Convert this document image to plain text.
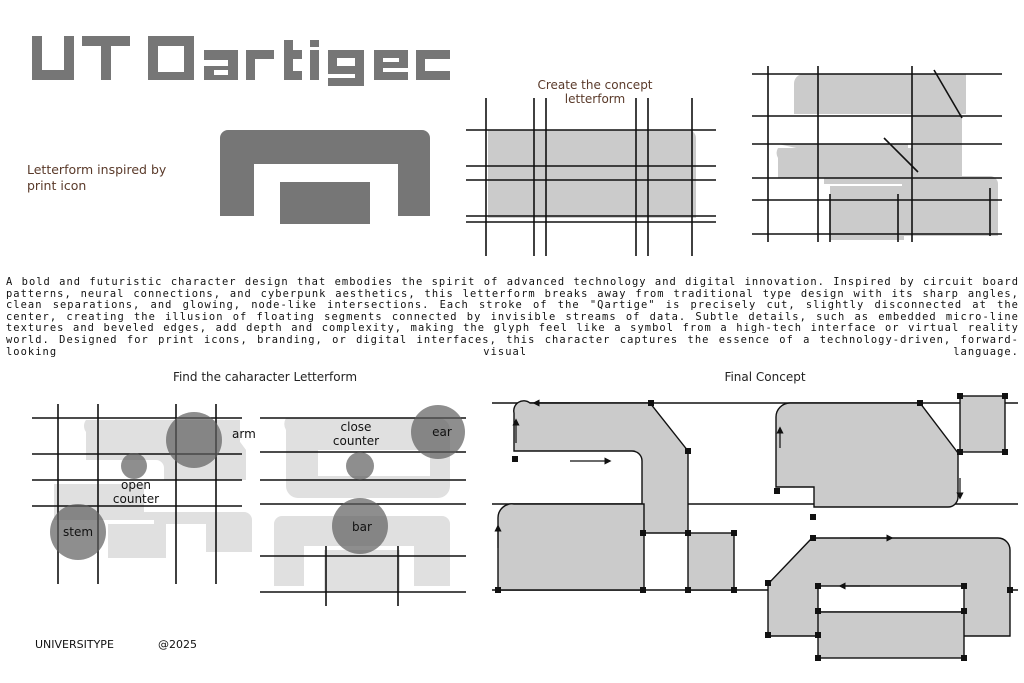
Letterform inspired by print icon
Create the concept letterform
A bold and futuristic character design that embodies the spirit of advanced technology and digital innovation. Inspired by circuit board patterns, neural connections, and cyberpunk aesthetics, this letterform breaks away from traditional type design with its sharp angles, clean separations, and glowing, node-like intersections. Each stroke of the "Qartige" is precisely cut, slightly disconnected at the center, creating the illusion of floating segments connected by invisible streams of data. Subtle details, such as embedded micro-line textures and beveled edges, add depth and complexity, making the glyph feel like a symbol from a high-tech interface or virtual reality world. Designed for print icons, branding, or digital interfaces, this character captures the essence of a technology-driven, forward-looking visual language.
Find the caharacter Letterform
arm
open
counter
stem
close
counter
ear
bar
Final Concept
UNIVERSITYPE	@2025
